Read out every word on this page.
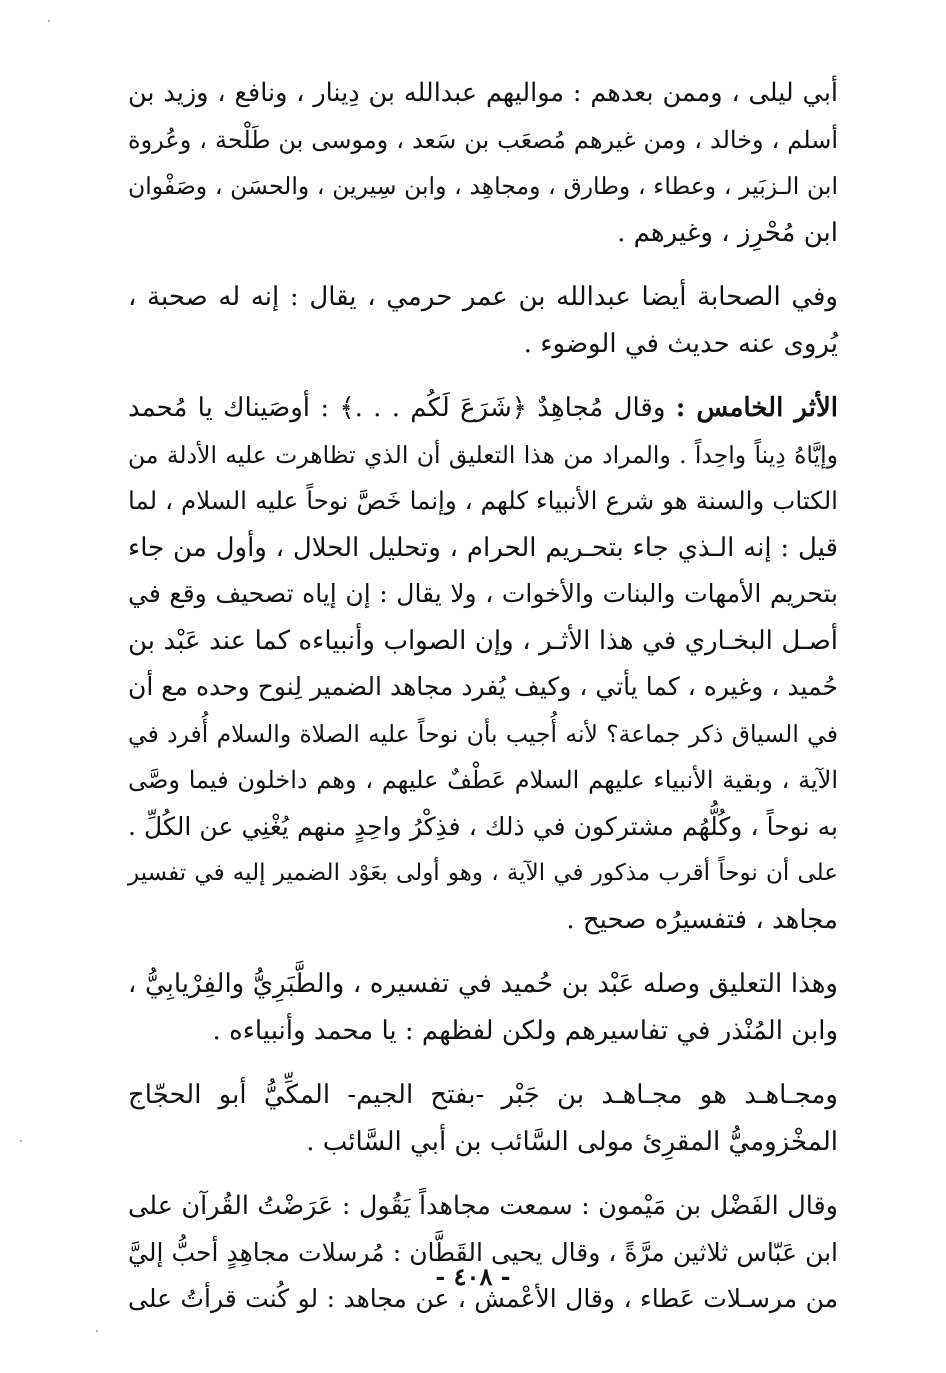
أبي ليلى ، وممن بعدهم : مواليهم عبدالله بن دِينار ، ونافع ، وزيد بن
أسلم ، وخالد ، ومن غيرهم مُصعَب بن سَعد ، وموسى بن طَلْحة ، وعُروة
ابن الـزبَير ، وعطاء ، وطارق ، ومجاهِد ، وابن سِيرين ، والحسَن ، وصَفْوان
ابن مُحْرِز ، وغيرهم .

وفي الصحابة أيضا عبدالله بن عمر حرمي ، يقال : إنه له صحبة ،
يُروى عنه حديث في الوضوء .

الأثر الخامس : وقال مُجاهِدٌ ﴿شَرَعَ لَكُم . . .﴾ : أوصَيناك يا مُحمد
وإيَّاهُ دِيناً واحِداً . والمراد من هذا التعليق أن الذي تظاهرت عليه الأدلة من
الكتاب والسنة هو شرع الأنبياء كلهم ، وإنما خَصَّ نوحاً عليه السلام ، لما
قيل : إنه الـذي جاء بتحـريم الحرام ، وتحليل الحلال ، وأول من جاء
بتحريم الأمهات والبنات والأخوات ، ولا يقال : إن إياه تصحيف وقع في
أصـل البخـاري في هذا الأثـر ، وإن الصواب وأنبياءه كما عند عَبْد بن
حُميد ، وغيره ، كما يأتي ، وكيف يُفرد مجاهد الضمير لِنوح وحده مع أن
في السياق ذكر جماعة؟ لأنه أُجيب بأن نوحاً عليه الصلاة والسلام أُفرد في
الآية ، وبقية الأنبياء عليهم السلام عَطْفٌ عليهم ، وهم داخلون فيما وصَّى
به نوحاً ، وكُلُّهُم مشتركون في ذلك ، فذِكْرُ واحِدٍ منهم يُغْنِي عن الكُلِّ .
على أن نوحاً أقرب مذكور في الآية ، وهو أولى بعَوْد الضمير إليه في تفسير
مجاهد ، فتفسيرُه صحيح .

وهذا التعليق وصله عَبْد بن حُميد في تفسيره ، والطَّبَرِيُّ والفِرْيابِيُّ ،
وابن المُنْذر في تفاسيرهم ولكن لفظهم : يا محمد وأنبياءه .

ومجـاهـد هو مجـاهـد بن جَبْر -بفتح الجيم- المكِّيُّ أبو الحجّاج
المخْزوميُّ المقرِئ مولى السَّائب بن أبي السَّائب .

وقال الفَضْل بن مَيْمون : سمعت مجاهداً يَقُول : عَرَضْتُ القُرآن على
ابن عَبّاس ثلاثين مرَّةً ، وقال يحيى القَطَّان : مُرسلات مجاهِدٍ أحبُّ إليَّ
من مرسـلات عَطاء ، وقال الأعْمش ، عن مجاهد : لو كُنت قرأتُ على

- ٤٠٨ -
